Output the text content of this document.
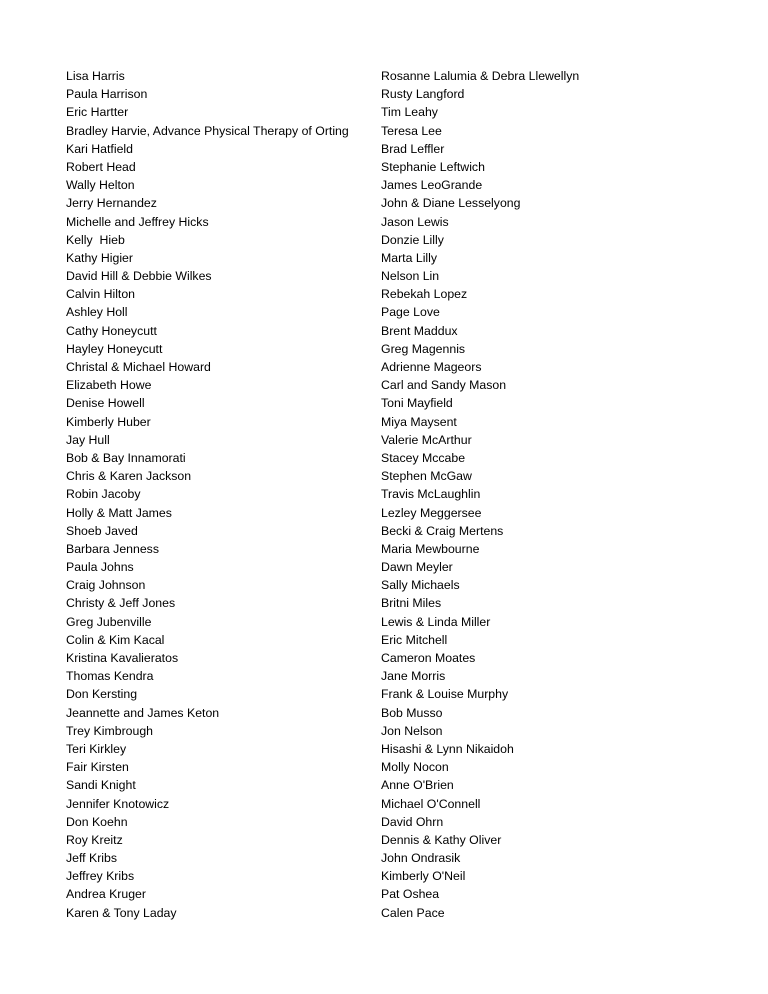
Lisa Harris
Paula Harrison
Eric Hartter
Bradley Harvie, Advance Physical Therapy of Orting
Kari Hatfield
Robert Head
Wally Helton
Jerry Hernandez
Michelle and Jeffrey Hicks
Kelly  Hieb
Kathy Higier
David Hill & Debbie Wilkes
Calvin Hilton
Ashley Holl
Cathy Honeycutt
Hayley Honeycutt
Christal & Michael Howard
Elizabeth Howe
Denise Howell
Kimberly Huber
Jay Hull
Bob & Bay Innamorati
Chris & Karen Jackson
Robin Jacoby
Holly & Matt James
Shoeb Javed
Barbara Jenness
Paula Johns
Craig Johnson
Christy & Jeff Jones
Greg Jubenville
Colin & Kim Kacal
Kristina Kavalieratos
Thomas Kendra
Don Kersting
Jeannette and James Keton
Trey Kimbrough
Teri Kirkley
Fair Kirsten
Sandi Knight
Jennifer Knotowicz
Don Koehn
Roy Kreitz
Jeff Kribs
Jeffrey Kribs
Andrea Kruger
Karen & Tony Laday
Rosanne Lalumia & Debra Llewellyn
Rusty Langford
Tim Leahy
Teresa Lee
Brad Leffler
Stephanie Leftwich
James LeoGrande
John & Diane Lesselyong
Jason Lewis
Donzie Lilly
Marta Lilly
Nelson Lin
Rebekah Lopez
Page Love
Brent Maddux
Greg Magennis
Adrienne Mageors
Carl and Sandy Mason
Toni Mayfield
Miya Maysent
Valerie McArthur
Stacey Mccabe
Stephen McGaw
Travis McLaughlin
Lezley Meggersee
Becki & Craig Mertens
Maria Mewbourne
Dawn Meyler
Sally Michaels
Britni Miles
Lewis & Linda Miller
Eric Mitchell
Cameron Moates
Jane Morris
Frank & Louise Murphy
Bob Musso
Jon Nelson
Hisashi & Lynn Nikaidoh
Molly Nocon
Anne O'Brien
Michael O'Connell
David Ohrn
Dennis & Kathy Oliver
John Ondrasik
Kimberly O'Neil
Pat Oshea
Calen Pace
